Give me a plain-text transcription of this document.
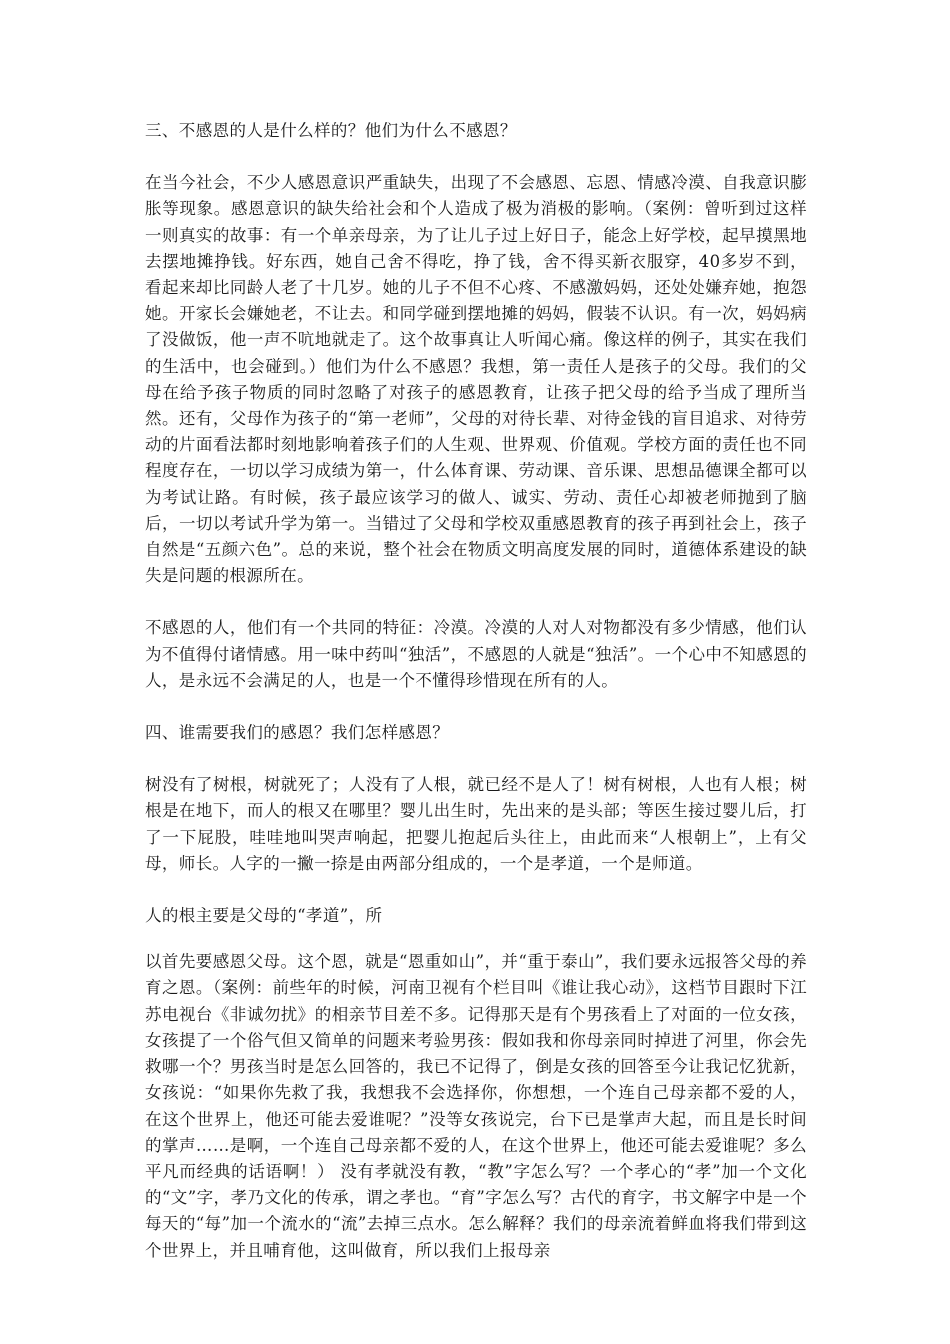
三、不感恩的人是什么样的？他们为什么不感恩？

在当今社会，不少人感恩意识严重缺失，出现了不会感恩、忘恩、情感冷漠、自我意识膨胀等现象。感恩意识的缺失给社会和个人造成了极为消极的影响。（案例：曾听到过这样一则真实的故事：有一个单亲母亲，为了让儿子过上好日子，能念上好学校，起早摸黑地去摆地摊挣钱。好东西，她自己舍不得吃，挣了钱，舍不得买新衣服穿，40多岁不到，看起来却比同龄人老了十几岁。她的儿子不但不心疼、不感激妈妈，还处处嫌弃她，抱怨她。开家长会嫌她老，不让去。和同学碰到摆地摊的妈妈，假装不认识。有一次，妈妈病了没做饭，他一声不吭地就走了。这个故事真让人听闻心痛。像这样的例子，其实在我们的生活中，也会碰到。）他们为什么不感恩？我想，第一责任人是孩子的父母。我们的父母在给予孩子物质的同时忽略了对孩子的感恩教育，让孩子把父母的给予当成了理所当然。还有，父母作为孩子的“第一老师”，父母的对待长辈、对待金钱的盲目追求、对待劳动的片面看法都时刻地影响着孩子们的人生观、世界观、价值观。学校方面的责任也不同程度存在，一切以学习成绩为第一，什么体育课、劳动课、音乐课、思想品德课全都可以为考试让路。有时候，孩子最应该学习的做人、诚实、劳动、责任心却被老师抛到了脑后，一切以考试升学为第一。当错过了父母和学校双重感恩教育的孩子再到社会上，孩子自然是“五颜六色”。总的来说，整个社会在物质文明高度发展的同时，道德体系建设的缺失是问题的根源所在。

不感恩的人，他们有一个共同的特征：冷漠。冷漠的人对人对物都没有多少情感，他们认为不值得付诸情感。用一味中药叫“独活”，不感恩的人就是“独活”。一个心中不知感恩的人，是永远不会满足的人，也是一个不懂得珍惜现在所有的人。

四、谁需要我们的感恩？我们怎样感恩？

树没有了树根，树就死了；人没有了人根，就已经不是人了！树有树根，人也有人根；树根是在地下，而人的根又在哪里？婴儿出生时，先出来的是头部；等医生接过婴儿后，打了一下屁股，哇哇地叫哭声响起，把婴儿抱起后头往上，由此而来“人根朝上”，上有父母，师长。人字的一撇一捺是由两部分组成的，一个是孝道，一个是师道。

人的根主要是父母的“孝道”，所

以首先要感恩父母。这个恩，就是“恩重如山”，并“重于泰山”，我们要永远报答父母的养育之恩。（案例：前些年的时候，河南卫视有个栏目叫《谁让我心动》，这档节目跟时下江苏电视台《非诚勿扰》的相亲节目差不多。记得那天是有个男孩看上了对面的一位女孩，女孩提了一个俗气但又简单的问题来考验男孩：假如我和你母亲同时掉进了河里，你会先救哪一个？男孩当时是怎么回答的，我已不记得了，倒是女孩的回答至今让我记忆犹新，女孩说：“如果你先救了我，我想我不会选择你，你想想，一个连自己母亲都不爱的人，在这个世界上，他还可能去爱谁呢？”没等女孩说完，台下已是掌声大起，而且是长时间的掌声……是啊，一个连自己母亲都不爱的人，在这个世界上，他还可能去爱谁呢？多么平凡而经典的话语啊！） 没有孝就没有教，“教”字怎么写？一个孝心的“孝”加一个文化的“文”字，孝乃文化的传承，谓之孝也。“育”字怎么写？古代的育字，书文解字中是一个每天的“每”加一个流水的“流”去掉三点水。怎么解释？我们的母亲流着鲜血将我们带到这个世界上，并且哺育他，这叫做育，所以我们上报母亲
